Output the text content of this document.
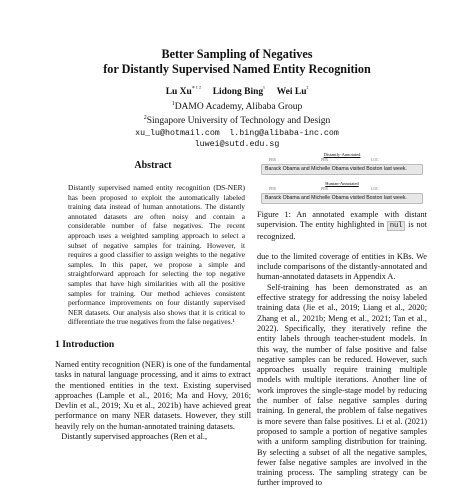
Better Sampling of Negatives
for Distantly Supervised Named Entity Recognition
Lu $Xu^{* ^1 ^2}$ Lidong Bing$^{^1}$ Wei $Lu^{^2}$
$^1$DAMO Academy, Alibaba Group
$^2$Singapore University of Technology and Design
xu_lu@hotmail.com l.bing@alibaba-inc.com
luwei@sutd.edu.sg
Abstract

Distantly supervised named entity recognition (DS-NER) has been proposed to exploit the automatically labeled training data instead of human annotations. The distantly annotated datasets are often noisy and contain a considerable number of false negatives. The recent approach uses a weighted sampling approach to select a subset of negative samples for training. However, it requires a good classifier to assign weights to the negative samples. In this paper, we propose a simple and straightforward approach for selecting the top negative samples that have high similarities with all the positive samples for training. Our method achieves consistent performance improvements on four distantly supervised NER datasets. Our analysis also shows that it is critical to differentiate the true negatives from the false negatives.¹

1 Introduction

Named entity recognition (NER) is one of the fundamental tasks in natural language processing, and it aims to extract the mentioned entities in the text. Existing supervised approaches (Lample et al., 2016; Ma and Hovy, 2016; Devlin et al., 2019; Xu et al., 2021b) have achieved great performance on many NER datasets. However, they still heavily rely on the human-annotated training datasets.
Distantly supervised approaches (Ren et al.,

Distantly-Annotated
PER	PER	LOC
Barack Obama and Michelle Obama visited Boston last week.
Human-Annotated
PER	PER	LOC
Barack Obama and Michelle Obama visited Boston last week.

Figure 1: An annotated example with distant supervision. The entity highlighted in nul is not recognized.

due to the limited coverage of entities in KBs. We include comparisons of the distantly-annotated and human-annotated datasets in Appendix A.

Self-training has been demonstrated as an effective strategy for addressing the noisy labeled training data (Jie et al., 2019; Liang et al., 2020; Zhang et al., 2021b; Meng et al., 2021; Tan et al., 2022). Specifically, they iteratively refine the entity labels through teacher-student models. In this way, the number of false positive and false negative samples can be reduced. However, such approaches usually require training multiple models with multiple iterations. Another line of work improves the single-stage model by reducing the number of false negative samples during training. In general, the problem of false negatives is more severe than false positives. Li et al. (2021) proposed to sample a portion of negative samples with a uniform sampling distribution for training. By selecting a subset of all the negative samples, fewer false negative samples are involved in the training process. The sampling strategy can be further improved to
